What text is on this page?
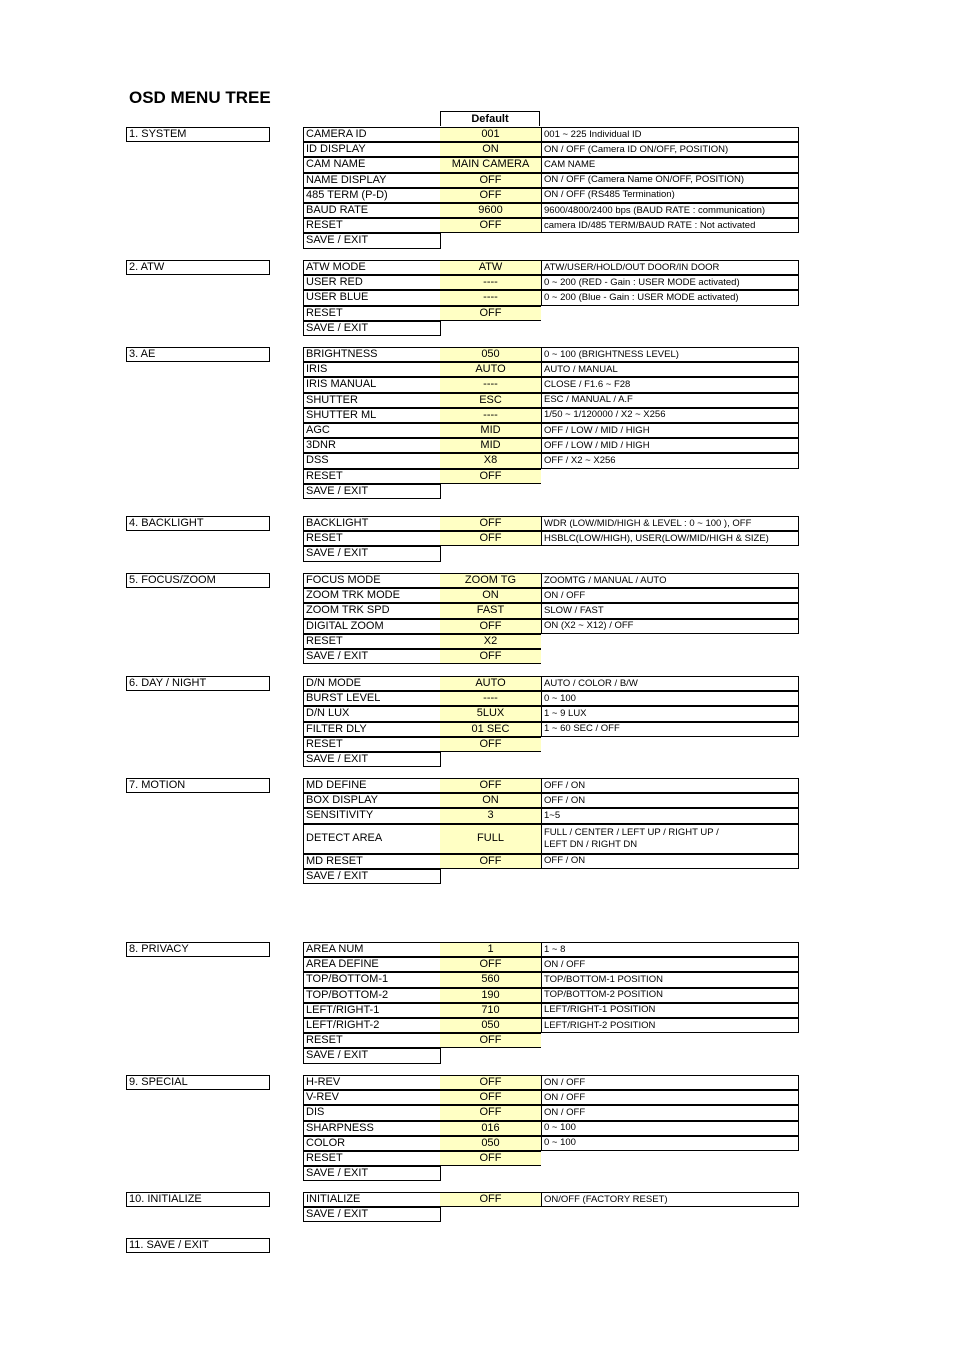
OSD MENU TREE
Default
1. SYSTEM	CAMERA ID	001	001 ~ 225 Individual ID
ID DISPLAY	ON	ON / OFF (Camera ID ON/OFF, POSITION)
CAM NAME	MAIN CAMERA	CAM NAME
NAME DISPLAY	OFF	ON / OFF (Camera Name ON/OFF, POSITION)
485 TERM (P-D)	OFF	ON / OFF (RS485 Termination)
BAUD RATE	9600	9600/4800/2400 bps (BAUD RATE : communication)
RESET	OFF	camera ID/485 TERM/BAUD RATE : Not activated
SAVE / EXIT
2. ATW	ATW MODE	ATW	ATW/USER/HOLD/OUT DOOR/IN DOOR
USER RED	----	0 ~ 200 (RED - Gain : USER MODE activated)
USER BLUE	----	0 ~ 200 (Blue - Gain : USER MODE activated)
RESET	OFF
SAVE / EXIT
3. AE	BRIGHTNESS	050	0 ~ 100 (BRIGHTNESS LEVEL)
IRIS	AUTO	AUTO / MANUAL
IRIS MANUAL	----	CLOSE / F1.6 ~ F28
SHUTTER	ESC	ESC / MANUAL / A.F
SHUTTER ML	----	1/50 ~ 1/120000 / X2 ~ X256
AGC	MID	OFF / LOW / MID / HIGH
3DNR	MID	OFF / LOW / MID / HIGH
DSS	X8	OFF / X2 ~ X256
RESET	OFF
SAVE / EXIT
4. BACKLIGHT	BACKLIGHT	OFF	WDR (LOW/MID/HIGH & LEVEL : 0 ~ 100 ), OFF
RESET	OFF	HSBLC(LOW/HIGH), USER(LOW/MID/HIGH & SIZE)
SAVE / EXIT
5. FOCUS/ZOOM	FOCUS MODE	ZOOM TG	ZOOMTG / MANUAL / AUTO
ZOOM TRK MODE	ON	ON / OFF
ZOOM TRK SPD	FAST	SLOW / FAST
DIGITAL ZOOM	OFF	ON (X2 ~ X12) / OFF
RESET	X2
SAVE / EXIT	OFF
6. DAY / NIGHT	D/N MODE	AUTO	AUTO / COLOR / B/W
BURST LEVEL	----	0 ~ 100
D/N LUX	5LUX	1 ~ 9 LUX
FILTER DLY	01 SEC	1 ~ 60 SEC / OFF
RESET	OFF
SAVE / EXIT
7. MOTION	MD DEFINE	OFF	OFF / ON
BOX DISPLAY	ON	OFF / ON
SENSITIVITY	3	1~5
DETECT AREA	FULL	FULL / CENTER / LEFT UP / RIGHT UP /
LEFT DN / RIGHT DN
MD RESET	OFF	OFF / ON
SAVE / EXIT
8. PRIVACY	AREA NUM	1	1 ~ 8
AREA DEFINE	OFF	ON / OFF
TOP/BOTTOM-1	560	TOP/BOTTOM-1 POSITION
TOP/BOTTOM-2	190	TOP/BOTTOM-2 POSITION
LEFT/RIGHT-1	710	LEFT/RIGHT-1 POSITION
LEFT/RIGHT-2	050	LEFT/RIGHT-2 POSITION
RESET	OFF
SAVE / EXIT
9. SPECIAL	H-REV	OFF	ON / OFF
V-REV	OFF	ON / OFF
DIS	OFF	ON / OFF
SHARPNESS	016	0 ~ 100
COLOR	050	0 ~ 100
RESET	OFF
SAVE / EXIT
10. INITIALIZE	INITIALIZE	OFF	ON/OFF (FACTORY RESET)
SAVE / EXIT
11. SAVE / EXIT
